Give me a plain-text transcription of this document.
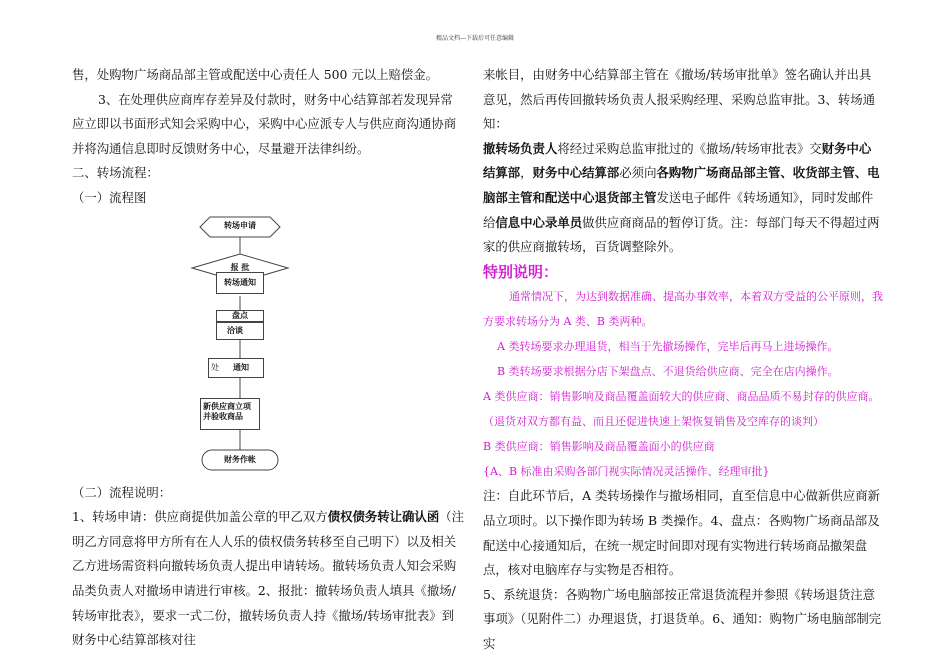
精品文档---下载后可任意编辑

售，处购物广场商品部主管或配送中心责任人 500 元以上赔偿金。

3、在处理供应商库存差异及付款时，财务中心结算部若发现异常应立即以书面形式知会采购中心，采购中心应派专人与供应商沟通协商并将沟通信息即时反馈财务中心，尽量避开法律纠纷。

二、转场流程：

（一）流程图

（二）流程说明：

1、转场申请：供应商提供加盖公章的甲乙双方债权债务转让确认函（注明乙方同意将甲方所有在人人乐的债权债务转移至自己明下）以及相关乙方进场需资料向撤转场负责人提出申请转场。撤转场负责人知会采购品类负责人对撤场申请进行审核。2、报批：撤转场负责人填具《撤场/转场审批表》，要求一式二份，撤转场负责人持《撤场/转场审批表》到财务中心结算部核对往

转场申请
报 批
转场通知
盘点
洽谈
处 通知
新供应商立项并验收商品
财务作帐

来帐目，由财务中心结算部主管在《撤场/转场审批单》签名确认并出具意见，然后再传回撤转场负责人报采购经理、采购总监审批。3、转场通知：

撤转场负责人将经过采购总监审批过的《撤场/转场审批表》交财务中心结算部，财务中心结算部必须向各购物广场商品部主管、收货部主管、电脑部主管和配送中心退货部主管发送电子邮件《转场通知》，同时发邮件给信息中心录单员做供应商商品的暂停订货。注：每部门每天不得超过两家的供应商撤转场，百货调整除外。

特别说明：

通常情况下，为达到数据准确、提高办事效率，本着双方受益的公平原则，我方要求转场分为 A 类、B 类两种。

A 类转场要求办理退货，相当于先撤场操作，完毕后再马上进场操作。

B 类转场要求根据分店下架盘点、不退货给供应商、完全在店内操作。

A 类供应商：销售影响及商品覆盖面较大的供应商、商品品质不易封存的供应商。

（退货对双方都有益、而且还促进快速上架恢复销售及空库存的谈判）

B 类供应商：销售影响及商品覆盖面小的供应商

{A、B 标准由采购各部门视实际情况灵活操作、经理审批}

注：自此环节后，A 类转场操作与撤场相同，直至信息中心做新供应商新品立项时。以下操作即为转场 B 类操作。4、盘点：各购物广场商品部及配送中心接通知后，在统一规定时间即对现有实物进行转场商品撤架盘点，核对电脑库存与实物是否相符。

5、系统退货：各购物广场电脑部按正常退货流程并参照《转场退货注意事项》（见附件二）办理退货，打退货单。6、通知：购物广场电脑部制完实
